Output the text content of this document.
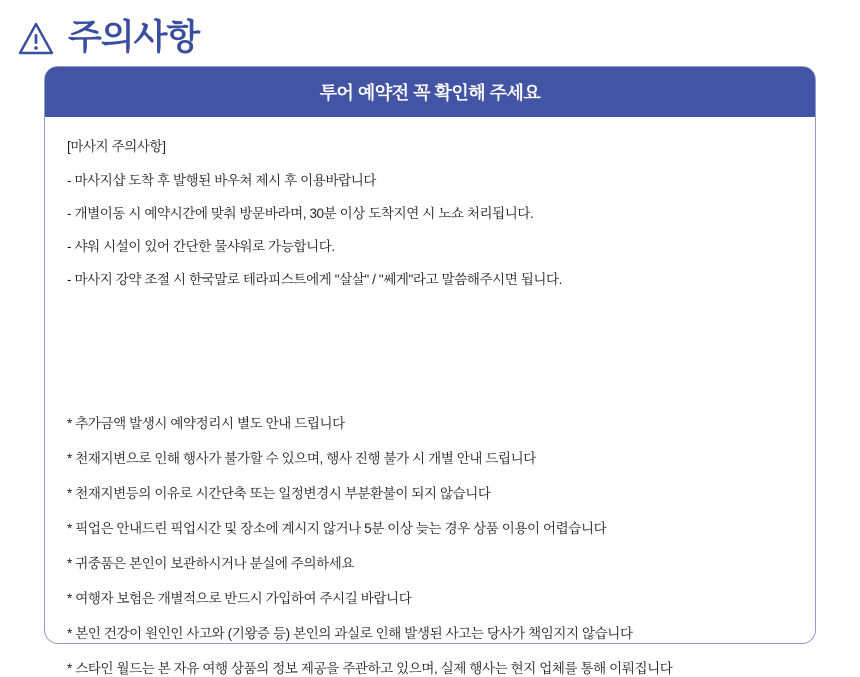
주의사항
투어 예약전 꼭 확인해 주세요
[마사지 주의사항]
- 마사지샵 도착 후 발행된 바우쳐 제시 후 이용바랍니다
- 개별이동 시 예약시간에 맞춰 방문바라며, 30분 이상 도착지연 시 노쇼 처리됩니다.
- 샤워 시설이 있어 간단한 물샤워로 가능합니다.
- 마사지 강약 조절 시 한국말로 테라피스트에게 "살살" / "쎄게"라고 말씀해주시면 됩니다.
* 추가금액 발생시 예약정리시 별도 안내 드립니다
* 천재지변으로 인해 행사가 불가할 수 있으며, 행사 진행 불가 시 개별 안내 드립니다
* 천재지변등의 이유로 시간단축 또는 일정변경시 부분환불이 되지 않습니다
* 픽업은 안내드린 픽업시간 및 장소에 계시지 않거나 5분 이상 늦는 경우 상품 이용이 어렵습니다
* 귀중품은 본인이 보관하시거나 분실에 주의하세요
* 여행자 보험은 개별적으로 반드시 가입하여 주시길 바랍니다
* 본인 건강이 원인인 사고와 (기왕증 등) 본인의 과실로 인해 발생된 사고는 당사가 책임지지 않습니다
* 스타인 월드는 본 자유 여행 상품의 정보 제공을 주관하고 있으며, 실제 행사는 현지 업체를 통해 이뤄집니다
